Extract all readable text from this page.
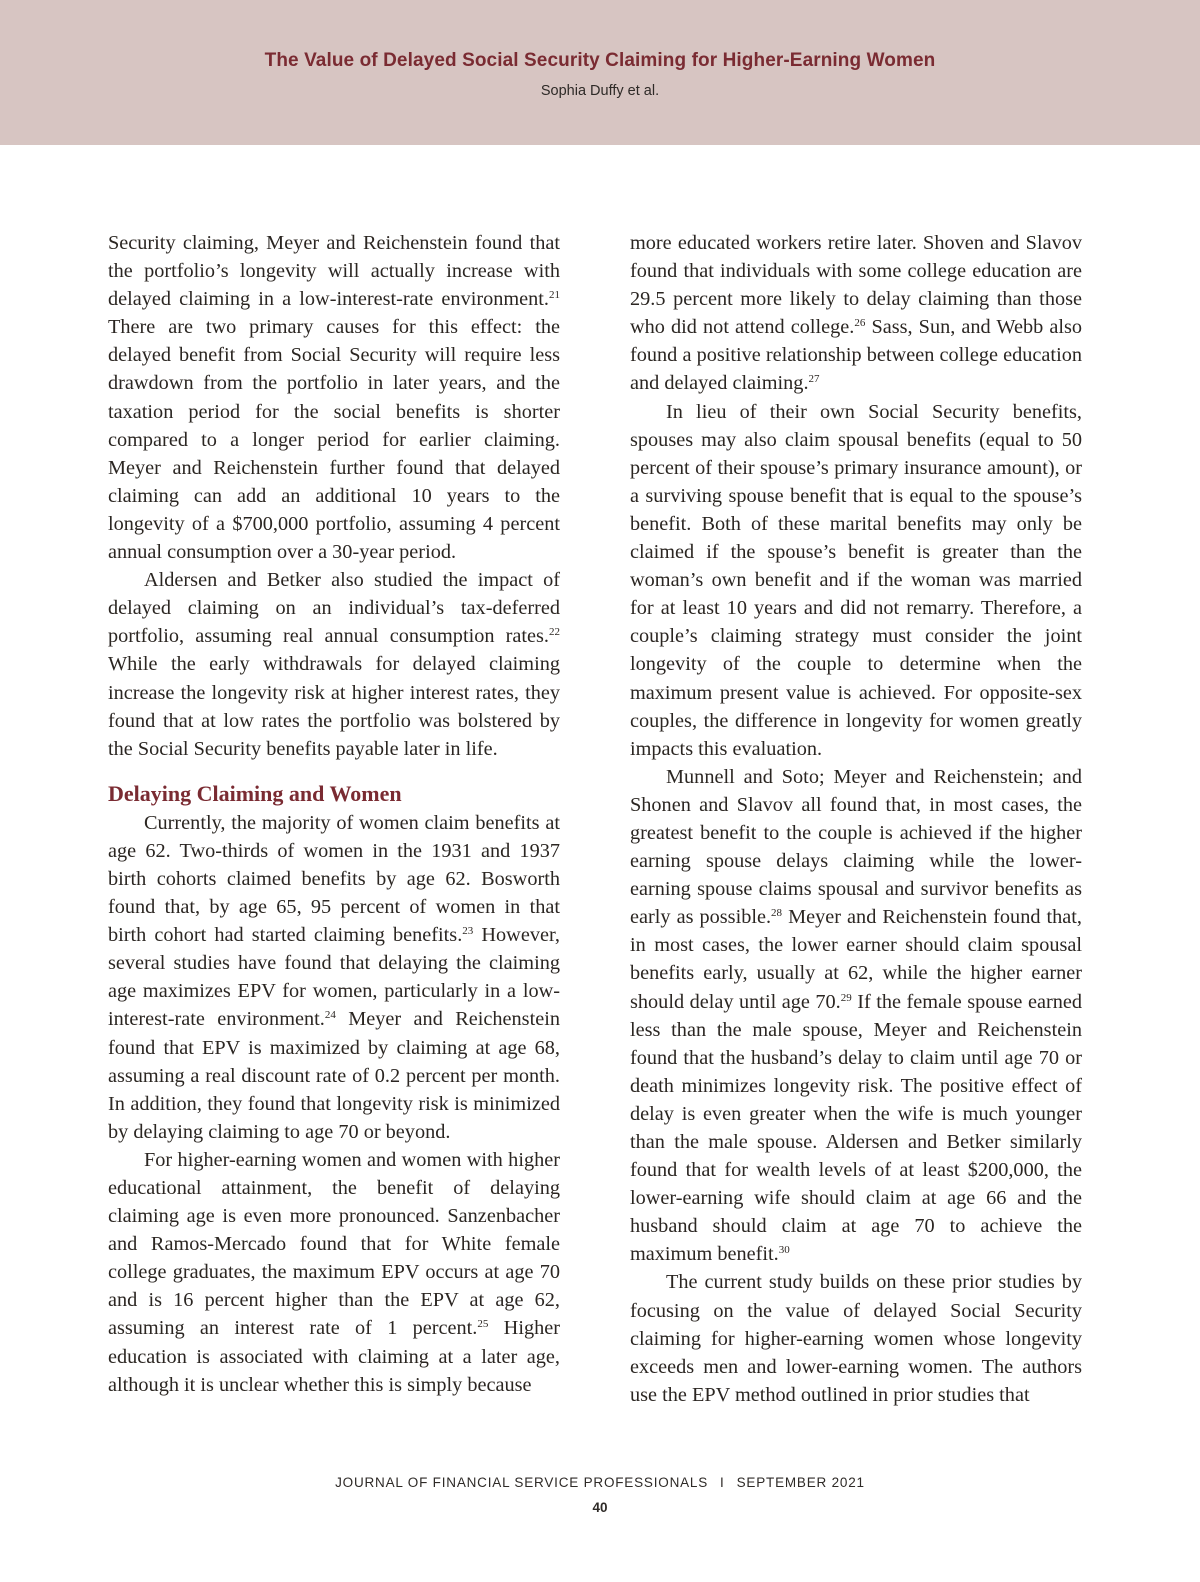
The Value of Delayed Social Security Claiming for Higher-Earning Women
Sophia Duffy et al.

Security claiming, Meyer and Reichenstein found that the portfolio’s longevity will actually increase with delayed claiming in a low-interest-rate environment.$^{21}$ There are two primary causes for this effect: the delayed benefit from Social Security will require less drawdown from the portfolio in later years, and the taxation period for the social benefits is shorter compared to a longer period for earlier claiming. Meyer and Reichenstein further found that delayed claiming can add an additional 10 years to the longevity of a $700,000 portfolio, assuming 4 percent annual consumption over a 30-year period.

Aldersen and Betker also studied the impact of delayed claiming on an individual’s tax-deferred portfolio, assuming real annual consumption rates.$^{22}$ While the early withdrawals for delayed claiming increase the longevity risk at higher interest rates, they found that at low rates the portfolio was bolstered by the Social Security benefits payable later in life.

Delaying Claiming and Women

Currently, the majority of women claim benefits at age 62. Two-thirds of women in the 1931 and 1937 birth cohorts claimed benefits by age 62. Bosworth found that, by age 65, 95 percent of women in that birth cohort had started claiming benefits.$^{23}$ However, several studies have found that delaying the claiming age maximizes EPV for women, particularly in a low-interest-rate environment.$^{24}$ Meyer and Reichenstein found that EPV is maximized by claiming at age 68, assuming a real discount rate of 0.2 percent per month. In addition, they found that longevity risk is minimized by delaying claiming to age 70 or beyond.

For higher-earning women and women with higher educational attainment, the benefit of delaying claiming age is even more pronounced. Sanzenbacher and Ramos-Mercado found that for White female college graduates, the maximum EPV occurs at age 70 and is 16 percent higher than the EPV at age 62, assuming an interest rate of 1 percent.$^{25}$ Higher education is associated with claiming at a later age, although it is unclear whether this is simply because

more educated workers retire later. Shoven and Slavov found that individuals with some college education are 29.5 percent more likely to delay claiming than those who did not attend college.$^{26}$ Sass, Sun, and Webb also found a positive relationship between college education and delayed claiming.$^{27}$

In lieu of their own Social Security benefits, spouses may also claim spousal benefits (equal to 50 percent of their spouse’s primary insurance amount), or a surviving spouse benefit that is equal to the spouse’s benefit. Both of these marital benefits may only be claimed if the spouse’s benefit is greater than the woman’s own benefit and if the woman was married for at least 10 years and did not remarry. Therefore, a couple’s claiming strategy must consider the joint longevity of the couple to determine when the maximum present value is achieved. For opposite-sex couples, the difference in longevity for women greatly impacts this evaluation.

Munnell and Soto; Meyer and Reichenstein; and Shonen and Slavov all found that, in most cases, the greatest benefit to the couple is achieved if the higher earning spouse delays claiming while the lower-earning spouse claims spousal and survivor benefits as early as possible.$^{28}$ Meyer and Reichenstein found that, in most cases, the lower earner should claim spousal benefits early, usually at 62, while the higher earner should delay until age 70.29 If the female spouse earned less than the male spouse, Meyer and Reichenstein found that the husband’s delay to claim until age 70 or death minimizes longevity risk. The positive effect of delay is even greater when the wife is much younger than the male spouse. Aldersen and Betker similarly found that for wealth levels of at least $200,000, the lower-earning wife should claim at age 66 and the husband should claim at age 70 to achieve the maximum benefit.$^{30}$

The current study builds on these prior studies by focusing on the value of delayed Social Security claiming for higher-earning women whose longevity exceeds men and lower-earning women. The authors use the EPV method outlined in prior studies that

JOURNAL OF FINANCIAL SERVICE PROFESSIONALS I SEPTEMBER 2021
40
